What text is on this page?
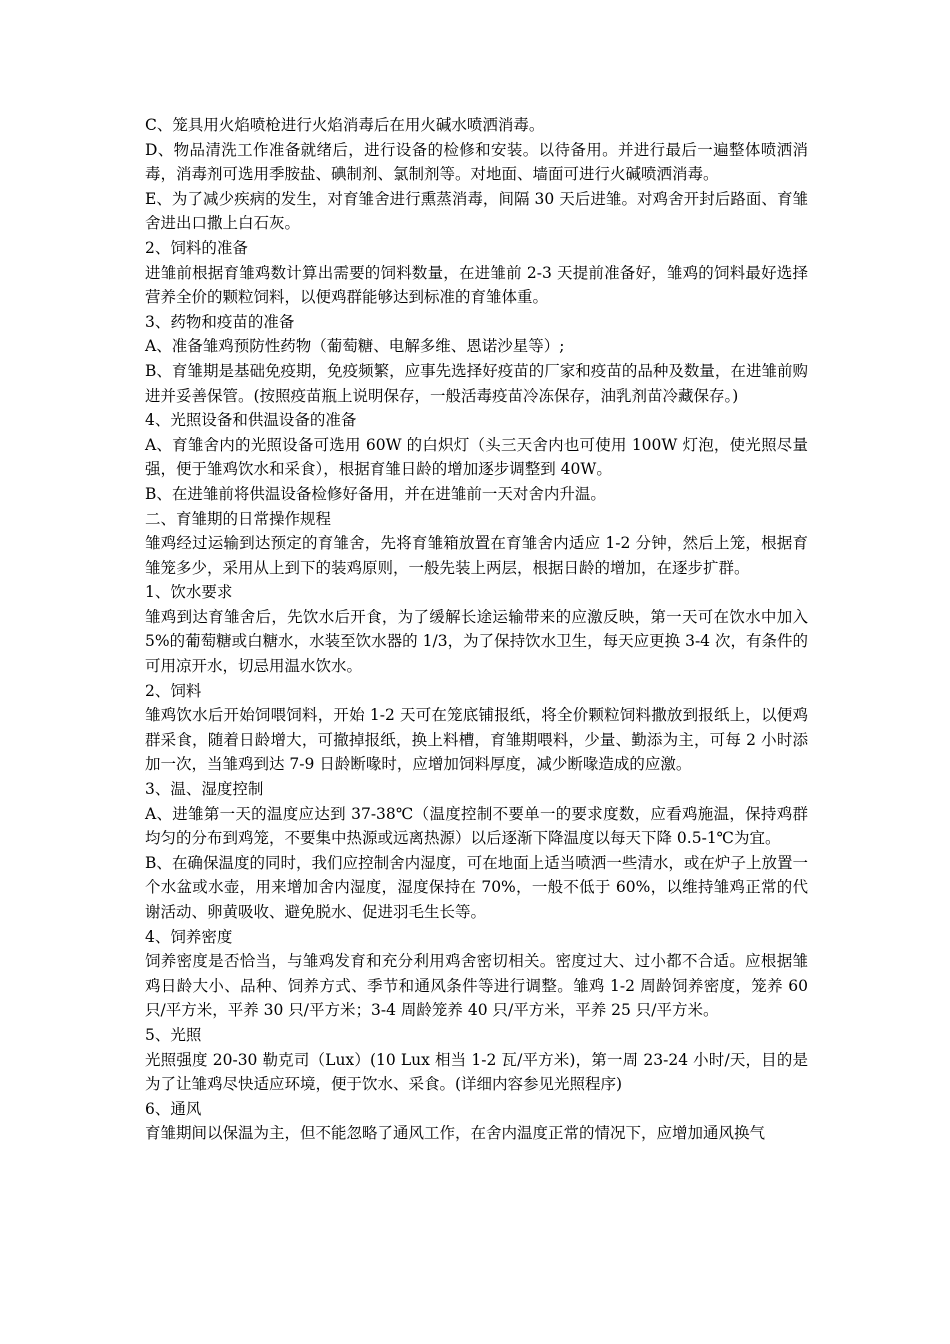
C、笼具用火焰喷枪进行火焰消毒后在用火碱水喷洒消毒。

D、物品清洗工作准备就绪后，进行设备的检修和安装。以待备用。并进行最后一遍整体喷洒消毒，消毒剂可选用季胺盐、碘制剂、氯制剂等。对地面、墙面可进行火碱喷洒消毒。

E、为了减少疾病的发生，对育雏舍进行熏蒸消毒，间隔 30 天后进雏。对鸡舍开封后路面、育雏舍进出口撒上白石灰。

2、饲料的准备

进雏前根据育雏鸡数计算出需要的饲料数量，在进雏前 2-3 天提前准备好，雏鸡的饲料最好选择营养全价的颗粒饲料，以便鸡群能够达到标准的育雏体重。

3、药物和疫苗的准备

A、准备雏鸡预防性药物（葡萄糖、电解多维、恩诺沙星等）;

B、育雏期是基础免疫期，免疫频繁，应事先选择好疫苗的厂家和疫苗的品种及数量，在进雏前购进并妥善保管。(按照疫苗瓶上说明保存，一般活毒疫苗冷冻保存，油乳剂苗冷藏保存。)

4、光照设备和供温设备的准备

A、育雏舍内的光照设备可选用 60W 的白炽灯（头三天舍内也可使用 100W 灯泡，使光照尽量强，便于雏鸡饮水和采食），根据育雏日龄的增加逐步调整到 40W。

B、在进雏前将供温设备检修好备用，并在进雏前一天对舍内升温。

二、育雏期的日常操作规程

雏鸡经过运输到达预定的育雏舍，先将育雏箱放置在育雏舍内适应 1-2 分钟，然后上笼，根据育雏笼多少，采用从上到下的装鸡原则，一般先装上两层，根据日龄的增加，在逐步扩群。

1、饮水要求

雏鸡到达育雏舍后，先饮水后开食，为了缓解长途运输带来的应激反映，第一天可在饮水中加入 5%的葡萄糖或白糖水，水装至饮水器的 1/3，为了保持饮水卫生，每天应更换 3-4 次，有条件的可用凉开水，切忌用温水饮水。

2、饲料

雏鸡饮水后开始饲喂饲料，开始 1-2 天可在笼底铺报纸，将全价颗粒饲料撒放到报纸上，以便鸡群采食，随着日龄增大，可撤掉报纸，换上料槽，育雏期喂料，少量、勤添为主，可每 2 小时添加一次，当雏鸡到达 7-9 日龄断喙时，应增加饲料厚度，减少断喙造成的应激。

3、温、湿度控制

A、进雏第一天的温度应达到 37-38℃（温度控制不要单一的要求度数，应看鸡施温，保持鸡群均匀的分布到鸡笼，不要集中热源或远离热源）以后逐渐下降温度以每天下降 0.5-1℃为宜。

B、在确保温度的同时，我们应控制舍内湿度，可在地面上适当喷洒一些清水，或在炉子上放置一个水盆或水壶，用来增加舍内湿度，湿度保持在 70%，一般不低于 60%，以维持雏鸡正常的代谢活动、卵黄吸收、避免脱水、促进羽毛生长等。

4、饲养密度

饲养密度是否恰当，与雏鸡发育和充分利用鸡舍密切相关。密度过大、过小都不合适。应根据雏鸡日龄大小、品种、饲养方式、季节和通风条件等进行调整。雏鸡 1-2 周龄饲养密度，笼养 60 只/平方米，平养 30 只/平方米；3-4 周龄笼养 40 只/平方米，平养 25 只/平方米。

5、光照

光照强度 20-30 勒克司（Lux）(10 Lux 相当 1-2 瓦/平方米)，第一周 23-24 小时/天，目的是为了让雏鸡尽快适应环境，便于饮水、采食。(详细内容参见光照程序)

6、通风

育雏期间以保温为主，但不能忽略了通风工作，在舍内温度正常的情况下，应增加通风换气
